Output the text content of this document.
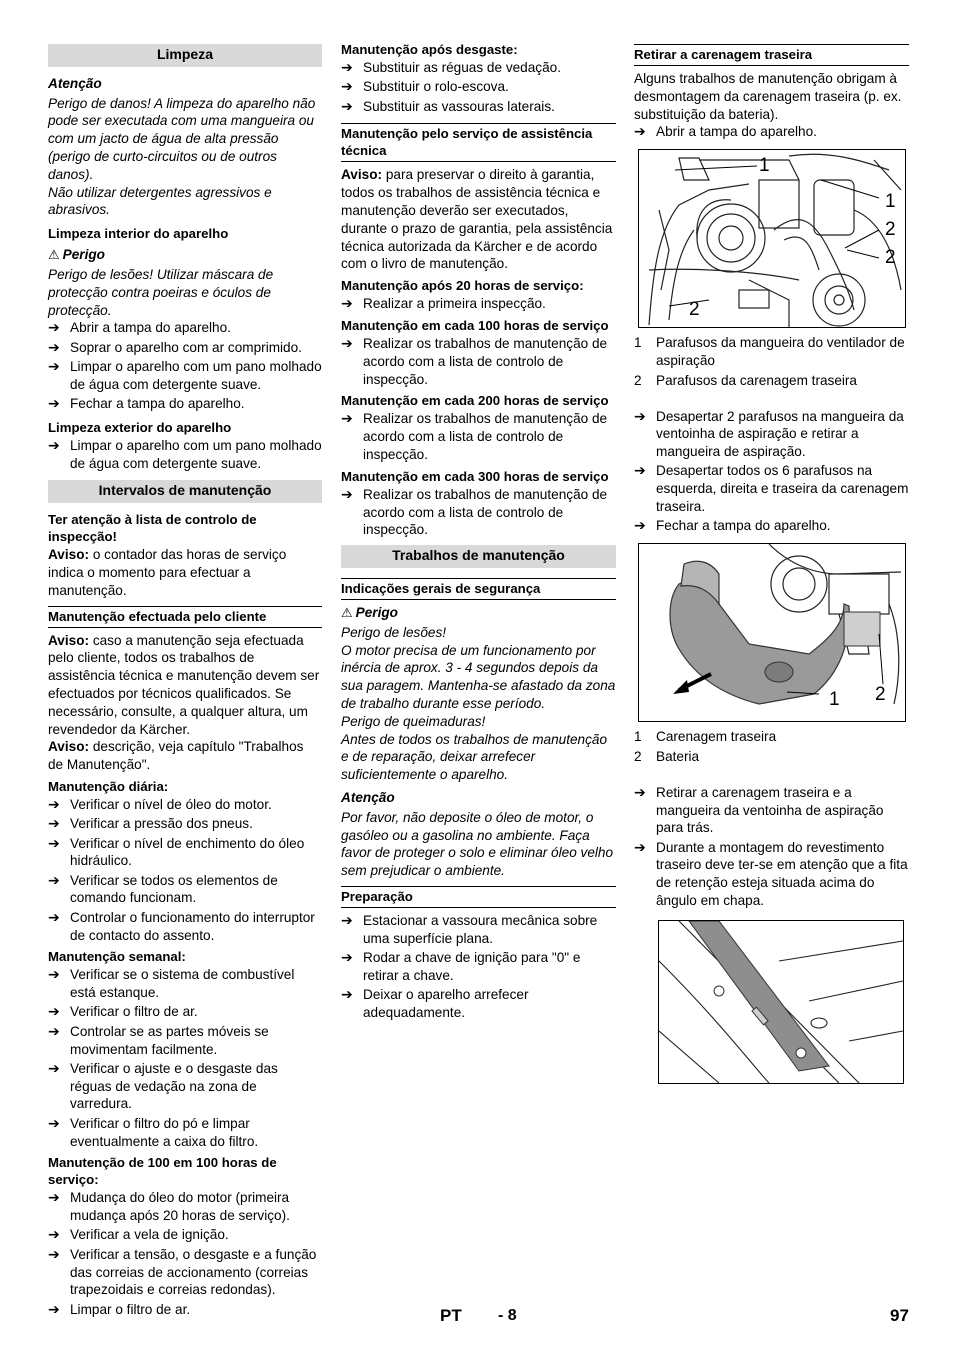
Limpeza
Atenção

Perigo de danos! A limpeza do aparelho não pode ser executada com uma mangueira ou com um jacto de água de alta pressão (perigo de curto-circuitos ou de outros danos).

Não utilizar detergentes agressivos e abrasivos.

Limpeza interior do aparelho
⚠ Perigo

Perigo de lesões! Utilizar máscara de protecção contra poeiras e óculos de protecção.

➔ Abrir a tampa do aparelho.
➔ Soprar o aparelho com ar comprimido.
➔ Limpar o aparelho com um pano molhado de água com detergente suave.
➔ Fechar a tampa do aparelho.
Limpeza exterior do aparelho
➔ Limpar o aparelho com um pano molhado de água com detergente suave.
Intervalos de manutenção
Ter atenção à lista de controlo de inspecção!

Aviso: o contador das horas de serviço indica o momento para efectuar a manutenção.

Manutenção efectuada pelo cliente

Aviso: caso a manutenção seja efectuada pelo cliente, todos os trabalhos de assistência técnica e manutenção devem ser efectuados por técnicos qualificados. Se necessário, consulte, a qualquer altura, um revendedor da Kärcher.

Aviso: descrição, veja capítulo "Trabalhos de Manutenção".

Manutenção diária:
➔ Verificar o nível de óleo do motor.
➔ Verificar a pressão dos pneus.
➔ Verificar o nível de enchimento do óleo hidráulico.
➔ Verificar se todos os elementos de comando funcionam.
➔ Controlar o funcionamento do interruptor de contacto do assento.
Manutenção semanal:
➔ Verificar se o sistema de combustível está estanque.
➔ Verificar o filtro de ar.
➔ Controlar se as partes móveis se movimentam facilmente.
➔ Verificar o ajuste e o desgaste das réguas de vedação na zona de varredura.
➔ Verificar o filtro do pó e limpar eventualmente a caixa do filtro.
Manutenção de 100 em 100 horas de serviço:
➔ Mudança do óleo do motor (primeira mudança após 20 horas de serviço).
➔ Verificar a vela de ignição.
➔ Verificar a tensão, o desgaste e a função das correias de accionamento (correias trapezoidais e correias redondas).
➔ Limpar o filtro de ar.
Manutenção após desgaste:
➔ Substituir as réguas de vedação.
➔ Substituir o rolo-escova.
➔ Substituir as vassouras laterais.
Manutenção pelo serviço de assistência técnica

Aviso: para preservar o direito à garantia, todos os trabalhos de assistência técnica e manutenção deverão ser executados, durante o prazo de garantia, pela assistência técnica autorizada da Kärcher e de acordo com o livro de manutenção.

Manutenção após 20 horas de serviço:
➔ Realizar a primeira inspecção.
Manutenção em cada 100 horas de serviço
➔ Realizar os trabalhos de manutenção de acordo com a lista de controlo de inspecção.
Manutenção em cada 200 horas de serviço
➔ Realizar os trabalhos de manutenção de acordo com a lista de controlo de inspecção.
Manutenção em cada 300 horas de serviço
➔ Realizar os trabalhos de manutenção de acordo com a lista de controlo de inspecção.
Trabalhos de manutenção
Indicações gerais de segurança
⚠ Perigo

Perigo de lesões!

O motor precisa de um funcionamento por inércia de aprox. 3 - 4 segundos depois da sua paragem. Mantenha-se afastado da zona de trabalho durante esse período.

Perigo de queimaduras!

Antes de todos os trabalhos de manutenção e de reparação, deixar arrefecer suficientemente o aparelho.

Atenção

Por favor, não deposite o óleo de motor, o gasóleo ou a gasolina no ambiente. Faça favor de proteger o solo e eliminar óleo velho sem prejudicar o ambiente.

Preparação
➔ Estacionar a vassoura mecânica sobre uma superfície plana.
➔ Rodar a chave de ignição para "0" e retirar a chave.
➔ Deixar o aparelho arrefecer adequadamente.
Retirar a carenagem traseira

Alguns trabalhos de manutenção obrigam à desmontagem da carenagem traseira (p. ex. substituição da bateria).

➔ Abrir a tampa do aparelho.
1
1
2
2
2
1 Parafusos da mangueira do ventilador de aspiração
2 Parafusos da carenagem traseira
➔ Desapertar 2 parafusos na mangueira da ventoinha de aspiração e retirar a mangueira de aspiração.
➔ Desapertar todos os 6 parafusos na esquerda, direita e traseira da carenagem traseira.
➔ Fechar a tampa do aparelho.
1 2
1 Carenagem traseira
2 Bateria
➔ Retirar a carenagem traseira e a mangueira da ventoinha de aspiração para trás.
➔ Durante a montagem do revestimento traseiro deve ter-se em atenção que a fita de retenção esteja situada acima do ângulo em chapa.
PT - 8	97
